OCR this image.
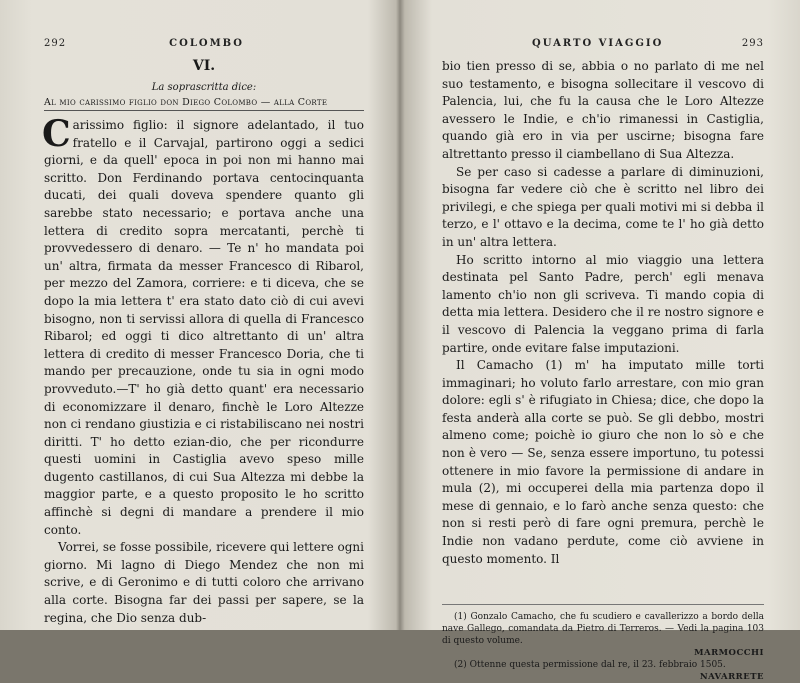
292	COLOMBO
VI.
La soprascritta dice:
Al mio carissimo figlio don Diego Colombo — alla Corte

Carissimo figlio: il signore adelantado, il tuo fratello e il Carvajal, partirono oggi a sedici giorni, e da quell' epoca in poi non mi hanno mai scritto. Don Ferdinando portava centocinquanta ducati, dei quali doveva spendere quanto gli sarebbe stato necessario; e portava anche una lettera di credito sopra mercatanti, perchè ti provvedessero di denaro. — Te n' ho mandata poi un' altra, firmata da messer Francesco di Ribarol, per mezzo del Zamora, corriere: e ti diceva, che se dopo la mia lettera t' era stato dato ciò di cui avevi bisogno, non ti servissi allora di quella di Francesco Ribarol; ed oggi ti dico altrettanto di un' altra lettera di credito di messer Francesco Doria, che ti mando per precauzione, onde tu sia in ogni modo provveduto.—T' ho già detto quant' era necessario di economizzare il denaro, finchè le Loro Altezze non ci rendano giustizia e ci ristabiliscano nei nostri diritti. T' ho detto ezian-dio, che per ricondurre questi uomini in Castiglia avevo speso mille dugento castillanos, di cui Sua Altezza mi debbe la maggior parte, e a questo proposito le ho scritto affinchè si degni di mandare a prendere il mio conto.

Vorrei, se fosse possibile, ricevere qui lettere ogni giorno. Mi lagno di Diego Mendez che non mi scrive, e di Geronimo e di tutti coloro che arrivano alla corte. Bisogna far dei passi per sapere, se la regina, che Dio senza dub-

QUARTO VIAGGIO	293

bio tien presso di se, abbia o no parlato di me nel suo testamento, e bisogna sollecitare il vescovo di Palencia, lui, che fu la causa che le Loro Altezze avessero le Indie, e ch'io rimanessi in Castiglia, quando già ero in via per uscirne; bisogna fare altrettanto presso il ciambellano di Sua Altezza.

Se per caso si cadesse a parlare di diminuzioni, bisogna far vedere ciò che è scritto nel libro dei privilegi, e che spiega per quali motivi mi si debba il terzo, e l' ottavo e la decima, come te l' ho già detto in un' altra lettera.

Ho scritto intorno al mio viaggio una lettera destinata pel Santo Padre, perch' egli menava lamento ch'io non gli scriveva. Ti mando copia di detta mia lettera. Desidero che il re nostro signore e il vescovo di Palencia la veggano prima di farla partire, onde evitare false imputazioni.

Il Camacho (1) m' ha imputato mille torti immaginari; ho voluto farlo arrestare, con mio gran dolore: egli s' è rifugiato in Chiesa; dice, che dopo la festa anderà alla corte se può. Se gli debbo, mostri almeno come; poichè io giuro che non lo sò e che non è vero — Se, senza essere importuno, tu potessi ottenere in mio favore la permissione di andare in mula (2), mi occuperei della mia partenza dopo il mese di gennaio, e lo farò anche senza questo: che non si resti però di fare ogni premura, perchè le Indie non vadano perdute, come ciò avviene in questo momento. Il

(1) Gonzalo Camacho, che fu scudiero e cavallerizzo a bordo della nave Gallego, comandata da Pietro di Terreros. — Vedi la pagina 103 di questo volume.

MARMOCCHI

(2) Ottenne questa permissione dal re, il 23. febbraio 1505.

NAVARRETE
